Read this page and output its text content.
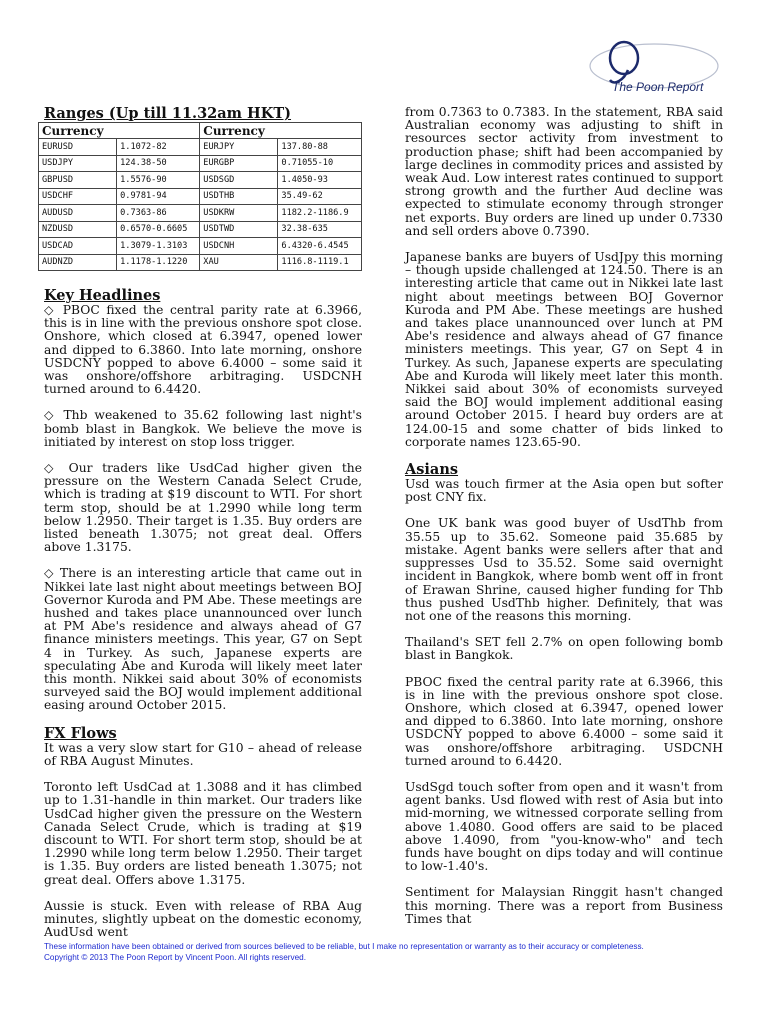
The Poon Report
Ranges (Up till 11.32am HKT)
Currency		Currency	
EURUSD	1.1072-82	EURJPY	137.80-88
USDJPY	124.38-50	EURGBP	0.71055-10
GBPUSD	1.5576-90	USDSGD	1.4050-93
USDCHF	0.9781-94	USDTHB	35.49-62
AUDUSD	0.7363-86	USDKRW	1182.2-1186.9
NZDUSD	0.6570-0.6605	USDTWD	32.38-635
USDCAD	1.3079-1.3103	USDCNH	6.4320-6.4545
AUDNZD	1.1178-1.1220	XAU	1116.8-1119.1
Key Headlines

◇ PBOC fixed the central parity rate at 6.3966, this is in line with the previous onshore spot close. Onshore, which closed at 6.3947, opened lower and dipped to 6.3860. Into late morning, onshore USDCNY popped to above 6.4000 – some said it was onshore/offshore arbitraging. USDCNH turned around to 6.4420.

◇ Thb weakened to 35.62 following last night's bomb blast in Bangkok. We believe the move is initiated by interest on stop loss trigger.

◇ Our traders like UsdCad higher given the pressure on the Western Canada Select Crude, which is trading at $19 discount to WTI. For short term stop, should be at 1.2990 while long term below 1.2950. Their target is 1.35. Buy orders are listed beneath 1.3075; not great deal. Offers above 1.3175.

◇ There is an interesting article that came out in Nikkei late last night about meetings between BOJ Governor Kuroda and PM Abe. These meetings are hushed and takes place unannounced over lunch at PM Abe's residence and always ahead of G7 finance ministers meetings. This year, G7 on Sept 4 in Turkey. As such, Japanese experts are speculating Abe and Kuroda will likely meet later this month. Nikkei said about 30% of economists surveyed said the BOJ would implement additional easing around October 2015.

FX Flows

It was a very slow start for G10 – ahead of release of RBA August Minutes.

Toronto left UsdCad at 1.3088 and it has climbed up to 1.31-handle in thin market. Our traders like UsdCad higher given the pressure on the Western Canada Select Crude, which is trading at $19 discount to WTI. For short term stop, should be at 1.2990 while long term below 1.2950. Their target is 1.35. Buy orders are listed beneath 1.3075; not great deal. Offers above 1.3175.

Aussie is stuck. Even with release of RBA Aug minutes, slightly upbeat on the domestic economy, AudUsd went

from 0.7363 to 0.7383. In the statement, RBA said Australian economy was adjusting to shift in resources sector activity from investment to production phase; shift had been accompanied by large declines in commodity prices and assisted by weak Aud. Low interest rates continued to support strong growth and the further Aud decline was expected to stimulate economy through stronger net exports. Buy orders are lined up under 0.7330 and sell orders above 0.7390.

Japanese banks are buyers of UsdJpy this morning – though upside challenged at 124.50. There is an interesting article that came out in Nikkei late last night about meetings between BOJ Governor Kuroda and PM Abe. These meetings are hushed and takes place unannounced over lunch at PM Abe's residence and always ahead of G7 finance ministers meetings. This year, G7 on Sept 4 in Turkey. As such, Japanese experts are speculating Abe and Kuroda will likely meet later this month. Nikkei said about 30% of economists surveyed said the BOJ would implement additional easing around October 2015. I heard buy orders are at 124.00-15 and some chatter of bids linked to corporate names 123.65-90.

Asians

Usd was touch firmer at the Asia open but softer post CNY fix.

One UK bank was good buyer of UsdThb from 35.55 up to 35.62. Someone paid 35.685 by mistake. Agent banks were sellers after that and suppresses Usd to 35.52. Some said overnight incident in Bangkok, where bomb went off in front of Erawan Shrine, caused higher funding for Thb thus pushed UsdThb higher. Definitely, that was not one of the reasons this morning.

Thailand's SET fell 2.7% on open following bomb blast in Bangkok.

PBOC fixed the central parity rate at 6.3966, this is in line with the previous onshore spot close. Onshore, which closed at 6.3947, opened lower and dipped to 6.3860. Into late morning, onshore USDCNY popped to above 6.4000 – some said it was onshore/offshore arbitraging. USDCNH turned around to 6.4420.

UsdSgd touch softer from open and it wasn't from agent banks. Usd flowed with rest of Asia but into mid-morning, we witnessed corporate selling from above 1.4080. Good offers are said to be placed above 1.4090, from "you-know-who" and tech funds have bought on dips today and will continue to low-1.40's.

Sentiment for Malaysian Ringgit hasn't changed this morning. There was a report from Business Times that

These information have been obtained or derived from sources believed to be reliable, but I make no representation or warranty as to their accuracy or completeness.
Copyright © 2013 The Poon Report by Vincent Poon. All rights reserved.
